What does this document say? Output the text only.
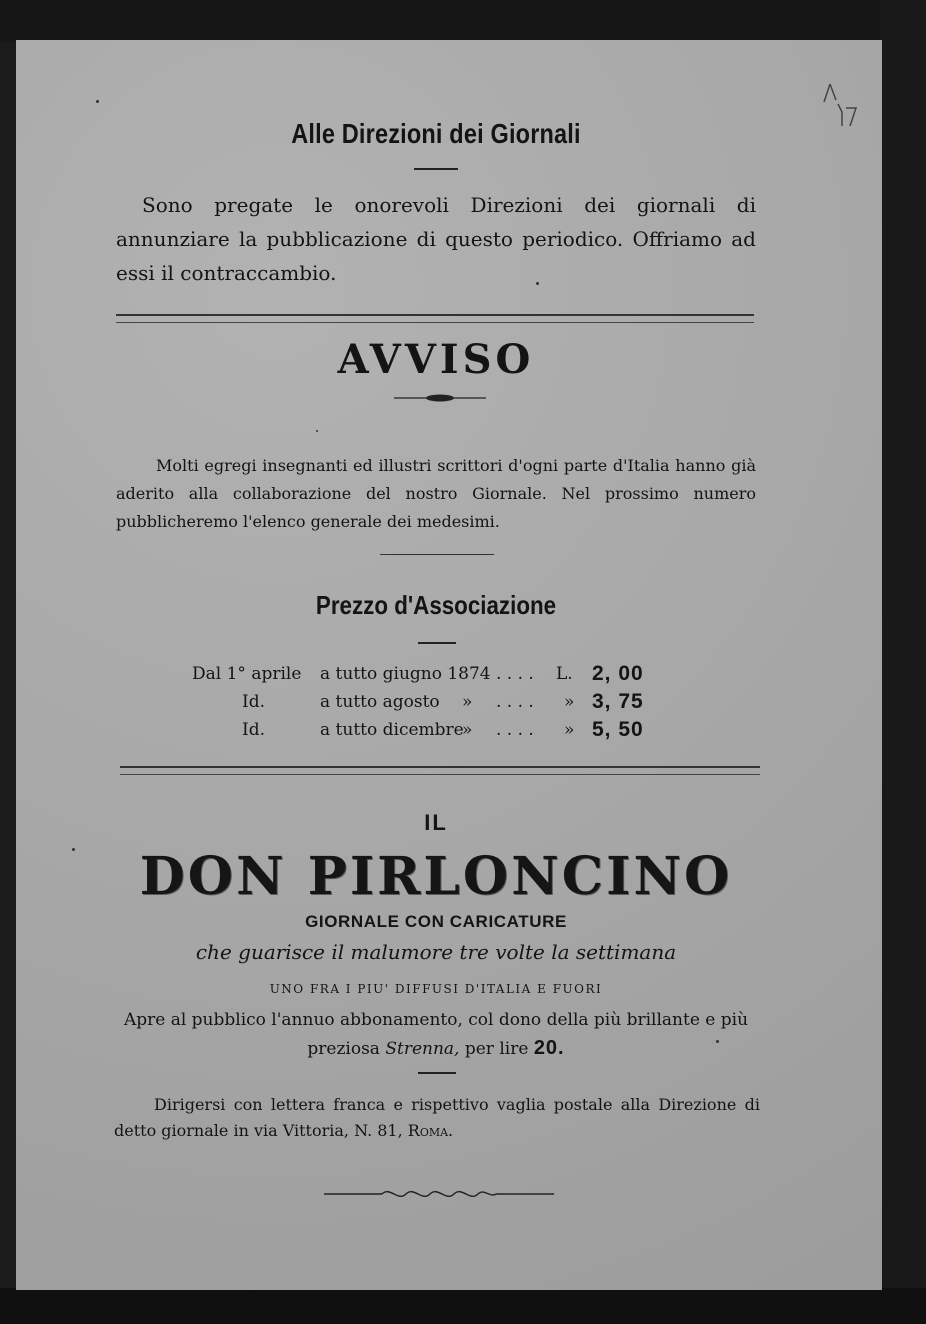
Alle Direzioni dei Giornali
Sono pregate le onorevoli Direzioni dei giornali di annunziare la pubblicazione di questo periodico. Offriamo ad essi il contraccambio.
AVVISO
Molti egregi insegnanti ed illustri scrittori d'ogni parte d'Italia hanno già aderito alla collaborazione del nostro Giornale. Nel prossimo numero pubblicheremo l'elenco generale dei medesimi.
Prezzo d'Associazione
Dal 1° aprile a tutto giugno 1874 . . . . L. 2, 00
Id.	a tutto agosto » . . . . » 3, 75
Id.	a tutto dicembre
» . . . . » 5, 50
IL
DON PIRLONCINO
GIORNALE CON CARICATURE
che guarisce il malumore tre volte la settimana
UNO FRA I PIU' DIFFUSI D'ITALIA E FUORI
Apre al pubblico l'annuo abbonamento, col dono della più brillante e più preziosa Strenna, per lire 20.
Dirigersi con lettera franca e rispettivo vaglia postale alla Direzione di detto giornale in via Vittoria, N. 81, Roma.
